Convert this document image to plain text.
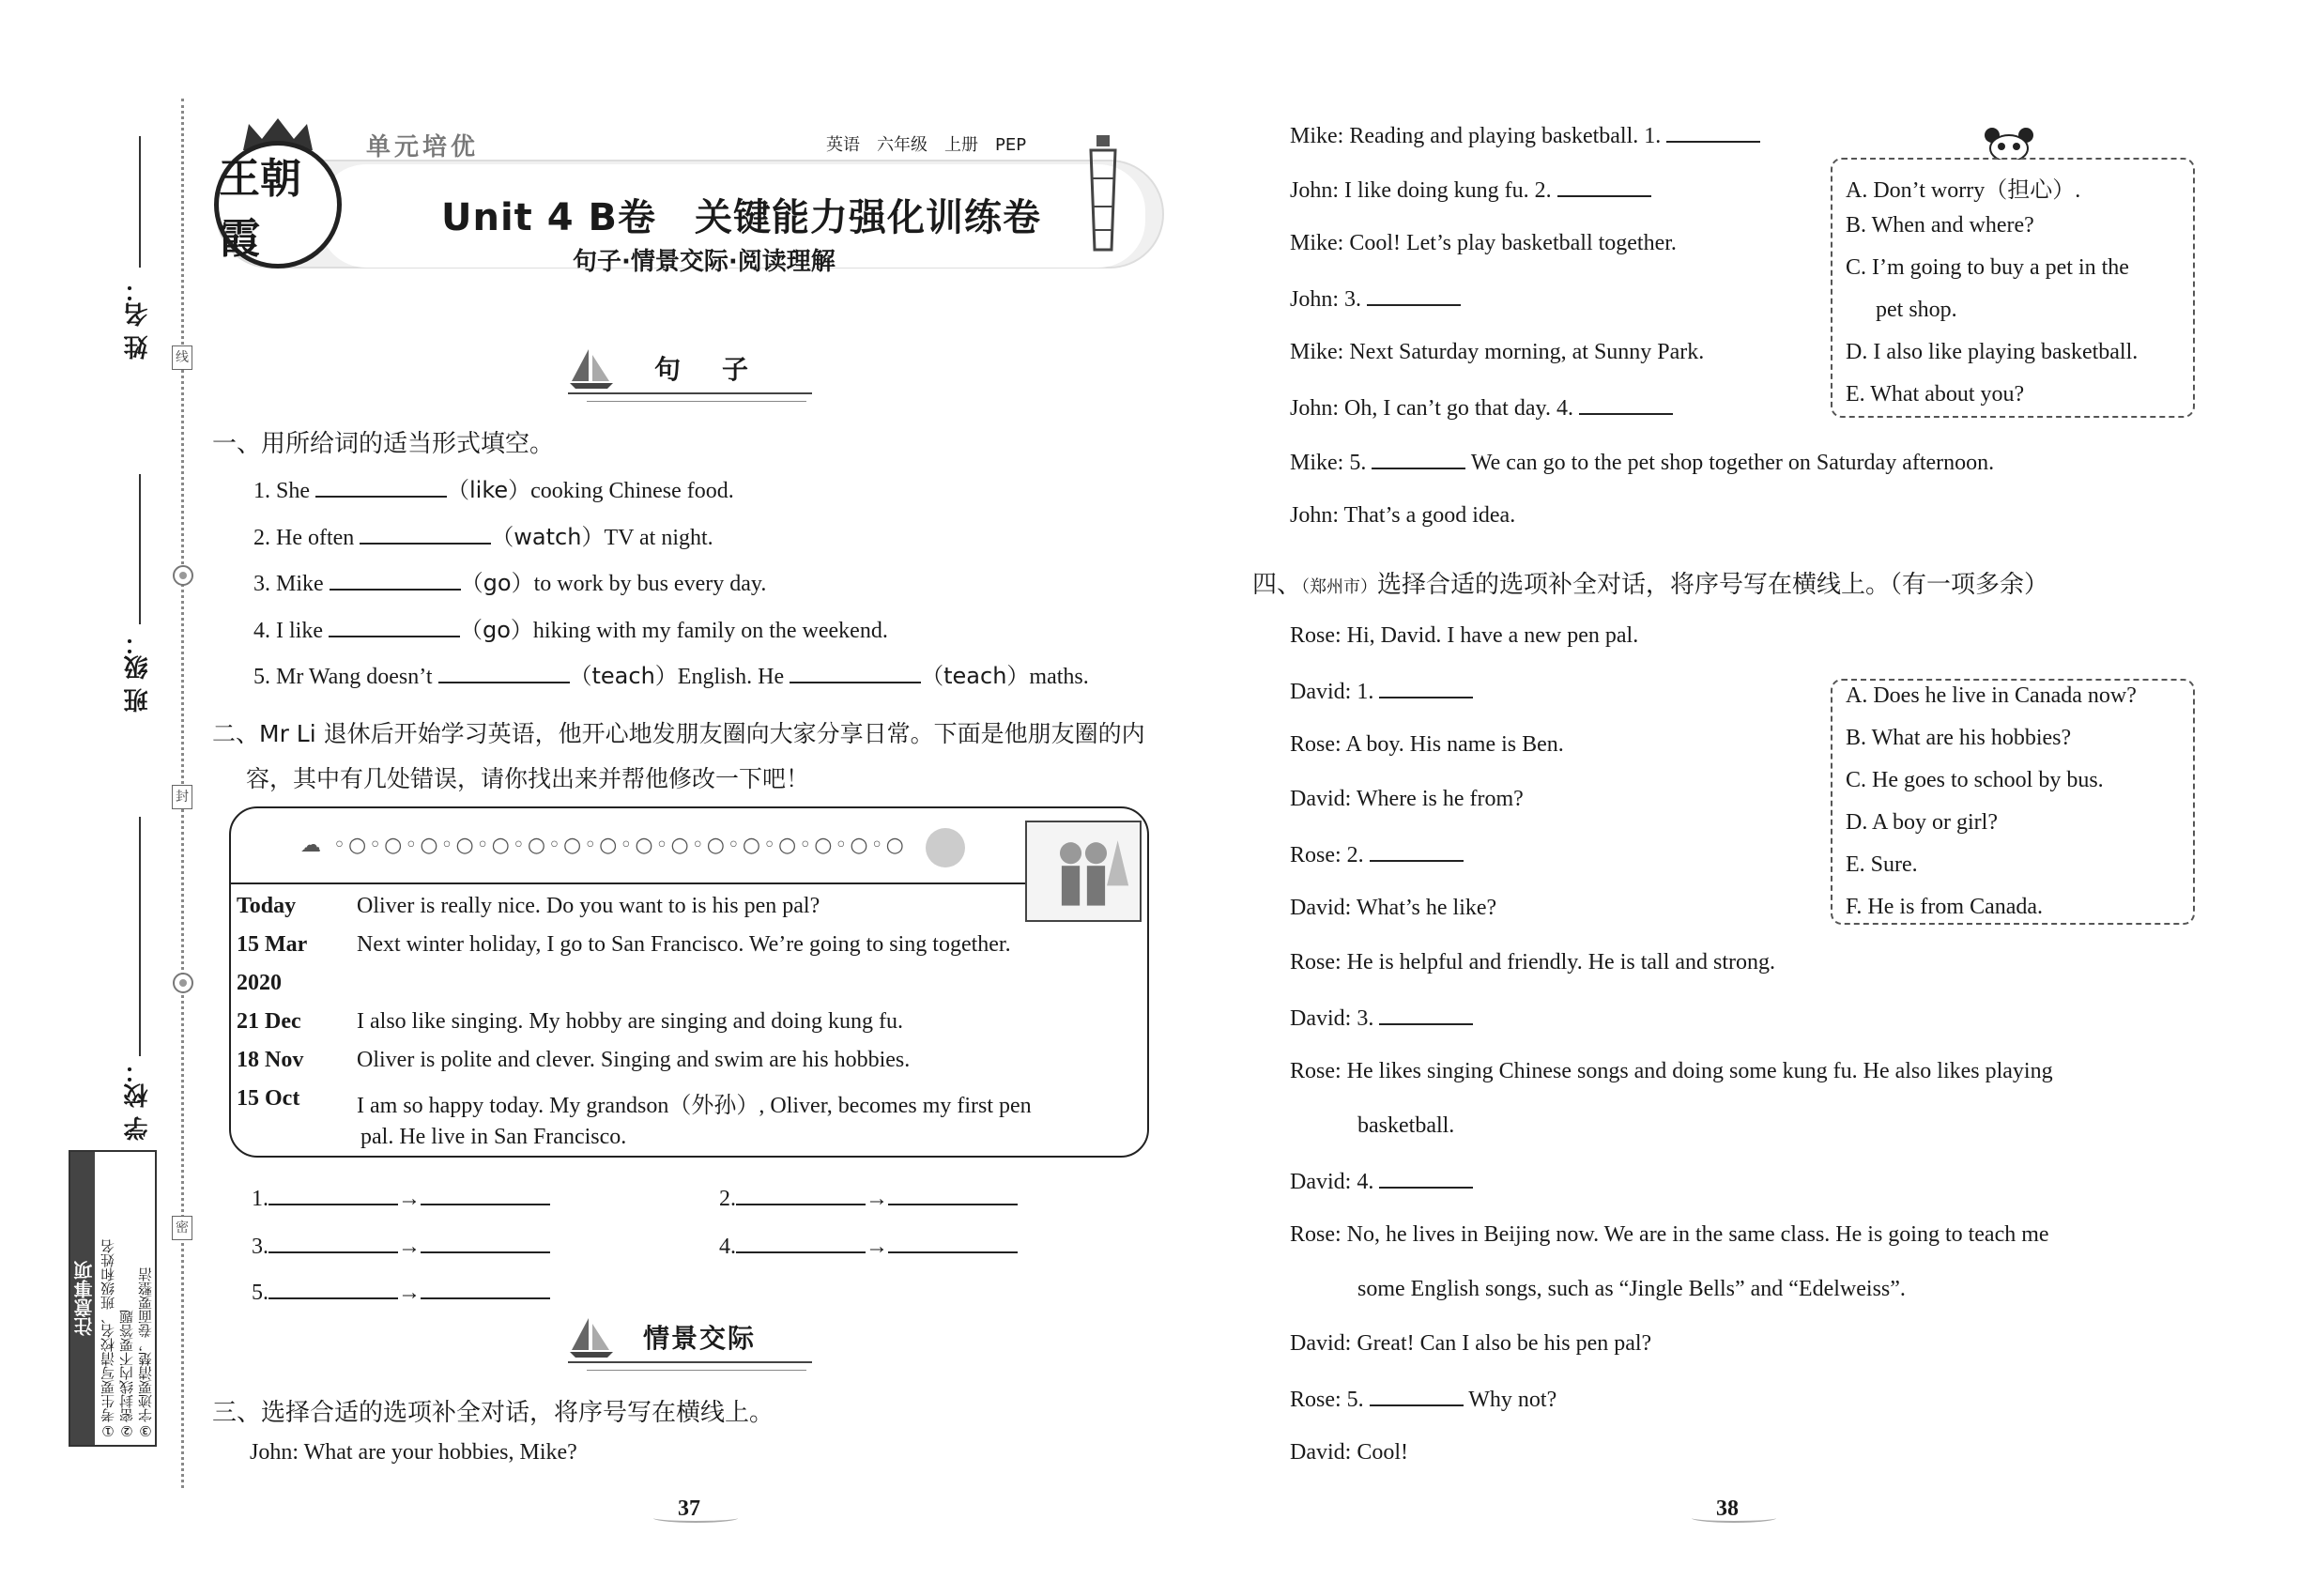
姓 名：
班 级：
学 校：
线
封
密
注意事项 ①考生要写清校名、班级和姓名 ②密封线内不要答题 ③字迹要清楚，卷面要整洁
王朝霞
单元培优	英语　六年级　上册　PEP
Unit 4 B卷　关键能力强化训练卷
句子·情景交际·阅读理解
句　子
一、用所给词的适当形式填空。
1. She	（like）cooking Chinese food.
2. He often	（watch）TV at night.
3. Mike	（go）to work by bus every day.
4. I like	（go）hiking with my family on the weekend.
5. Mr Wang doesn’t	（teach）English. He	（teach）maths.
二、Mr Li 退休后开始学习英语，他开心地发朋友圈向大家分享日常。下面是他朋友圈的内
容，其中有几处错误，请你找出来并帮他修改一下吧！
☁ ◦○◦○◦○◦○◦○◦○◦○◦○◦○◦○◦○◦○◦○◦○◦○◦○
Today	Oliver is really nice. Do you want to is his pen pal?
15 Mar Next winter holiday, I go to San Francisco. We’re going to sing together.
2020
21 Dec I also like singing. My hobby are singing and doing kung fu.
18 Nov Oliver is polite and clever. Singing and swim are his hobbies.
15 Oct	I am so happy today. My grandson（外孙）, Oliver, becomes my first pen
pal. He live in San Francisco.
1.	→	2.	→
3.	→	4.	→
5.	→
情景交际
三、选择合适的选项补全对话，将序号写在横线上。
John: What are your hobbies, Mike?
Mike: Reading and playing basketball. 1.
John: I like doing kung fu. 2.
Mike: Cool! Let’s play basketball together.
John: 3.
Mike: Next Saturday morning, at Sunny Park.
John: Oh, I can’t go that day. 4.
Mike: 5.	We can go to the pet shop together on Saturday afternoon.
John: That’s a good idea.
A. Don’t worry（担心）.
B. When and where?
C. I’m going to buy a pet in the
pet shop.
D. I also like playing basketball.
E. What about you?
四、（郑州市）选择合适的选项补全对话，将序号写在横线上。（有一项多余）
Rose: Hi, David. I have a new pen pal.
David: 1.
Rose: A boy. His name is Ben.
David: Where is he from?
Rose: 2.
David: What’s he like?
Rose: He is helpful and friendly. He is tall and strong.
David: 3.
Rose: He likes singing Chinese songs and doing some kung fu. He also likes playing
basketball.
David: 4.
Rose: No, he lives in Beijing now. We are in the same class. He is going to teach me
some English songs, such as “Jingle Bells” and “Edelweiss”.
David: Great! Can I also be his pen pal?
Rose: 5.	Why not?
David: Cool!
A. Does he live in Canada now?
B. What are his hobbies?
C. He goes to school by bus.
D. A boy or girl?
E. Sure.
F. He is from Canada.
37	38
